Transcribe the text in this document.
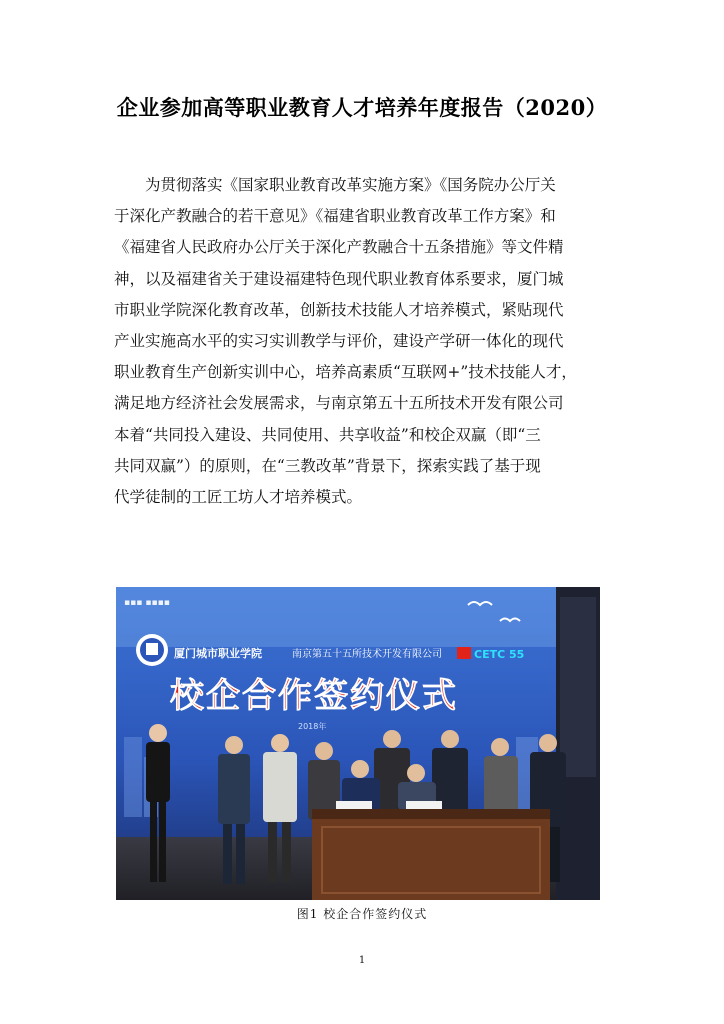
企业参加高等职业教育人才培养年度报告（2020）
　　为贯彻落实《国家职业教育改革实施方案》《国务院办公厅关
于深化产教融合的若干意见》《福建省职业教育改革工作方案》和
《福建省人民政府办公厅关于深化产教融合十五条措施》等文件精
神，以及福建省关于建设福建特色现代职业教育体系要求，厦门城
市职业学院深化教育改革，创新技术技能人才培养模式，紧贴现代
产业实施高水平的实习实训教学与评价，建设产学研一体化的现代
职业教育生产创新实训中心，培养高素质“互联网+”技术技能人才，
满足地方经济社会发展需求，与南京第五十五所技术开发有限公司
本着“共同投入建设、共同使用、共享收益”和校企双赢（即“三
共同双赢”）的原则，在“三教改革”背景下，探索实践了基于现
代学徒制的工匠工坊人才培养模式。
▪▪▪ ▪▪▪▪
厦门城市职业学院	南京第五十五所技术开发有限公司	CETC 55
校企合作签约仪式
2018年
图1 校企合作签约仪式
1
